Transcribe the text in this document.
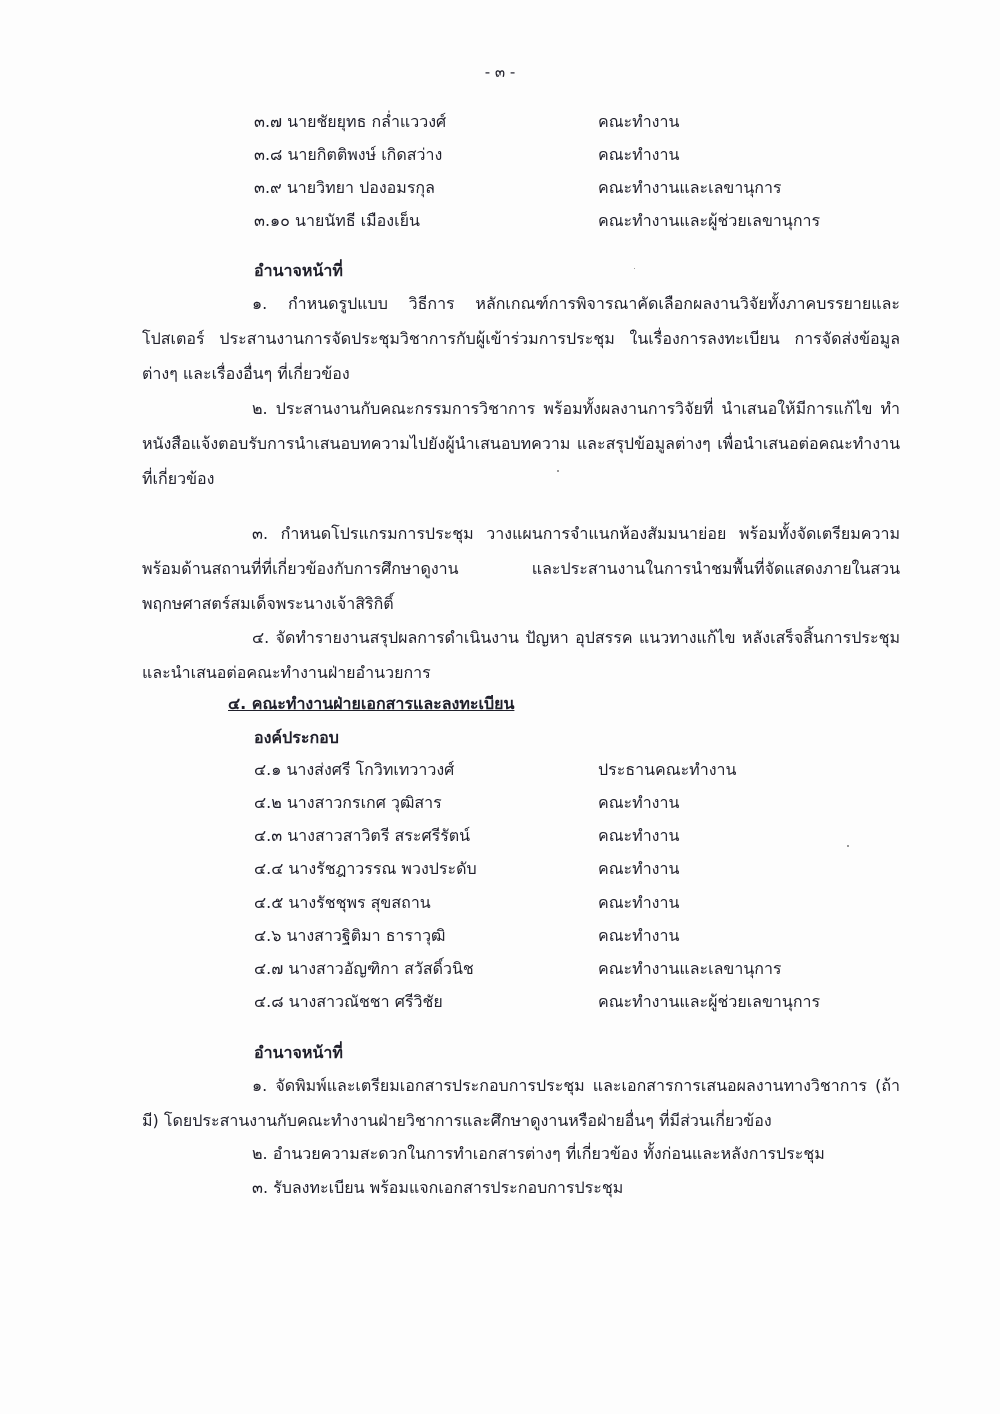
- ๓ -
๓.๗ นายชัยยุทธ กล่ำแววงศ์	คณะทำงาน
๓.๘ นายกิตติพงษ์ เกิดสว่าง	คณะทำงาน
๓.๙ นายวิทยา ปองอมรกุล	คณะทำงานและเลขานุการ
๓.๑๐ นายนัทธี เมืองเย็น	คณะทำงานและผู้ช่วยเลขานุการ
อำนาจหน้าที่
๑. กำหนดรูปแบบ วิธีการ หลักเกณฑ์การพิจารณาคัดเลือกผลงานวิจัยทั้งภาคบรรยายและโปสเตอร์ ประสานงานการจัดประชุมวิชาการกับผู้เข้าร่วมการประชุม ในเรื่องการลงทะเบียน การจัดส่งข้อมูลต่างๆ และเรื่องอื่นๆ ที่เกี่ยวข้อง
๒. ประสานงานกับคณะกรรมการวิชาการ พร้อมทั้งผลงานการวิจัยที่ นำเสนอให้มีการแก้ไข ทำหนังสือแจ้งตอบรับการนำเสนอบทความไปยังผู้นำเสนอบทความ และสรุปข้อมูลต่างๆ เพื่อนำเสนอต่อคณะทำงานที่เกี่ยวข้อง
๓. กำหนดโปรแกรมการประชุม วางแผนการจำแนกห้องสัมมนาย่อย พร้อมทั้งจัดเตรียมความพร้อมด้านสถานที่ที่เกี่ยวข้องกับการศึกษาดูงาน และประสานงานในการนำชมพื้นที่จัดแสดงภายในสวนพฤกษศาสตร์สมเด็จพระนางเจ้าสิริกิติ์
๔. จัดทำรายงานสรุปผลการดำเนินงาน ปัญหา อุปสรรค แนวทางแก้ไข หลังเสร็จสิ้นการประชุม และนำเสนอต่อคณะทำงานฝ่ายอำนวยการ
๔. คณะทำงานฝ่ายเอกสารและลงทะเบียน
องค์ประกอบ
๔.๑ นางส่งศรี โกวิทเทวาวงศ์	ประธานคณะทำงาน
๔.๒ นางสาวกรเกศ วุฒิสาร	คณะทำงาน
๔.๓ นางสาวสาวิตรี สระศรีรัตน์	คณะทำงาน
๔.๔ นางรัชฎาวรรณ พวงประดับ	คณะทำงาน
๔.๕ นางรัชชุพร สุขสถาน	คณะทำงาน
๔.๖ นางสาวฐิติมา ธาราวุฒิ	คณะทำงาน
๔.๗ นางสาวอัญฑิกา สวัสดิ์วนิช	คณะทำงานและเลขานุการ
๔.๘ นางสาวณัชชา ศรีวิชัย	คณะทำงานและผู้ช่วยเลขานุการ
อำนาจหน้าที่
๑. จัดพิมพ์และเตรียมเอกสารประกอบการประชุม และเอกสารการเสนอผลงานทางวิชาการ (ถ้ามี) โดยประสานงานกับคณะทำงานฝ่ายวิชาการและศึกษาดูงานหรือฝ่ายอื่นๆ ที่มีส่วนเกี่ยวข้อง
๒. อำนวยความสะดวกในการทำเอกสารต่างๆ ที่เกี่ยวข้อง ทั้งก่อนและหลังการประชุม
๓. รับลงทะเบียน พร้อมแจกเอกสารประกอบการประชุม
